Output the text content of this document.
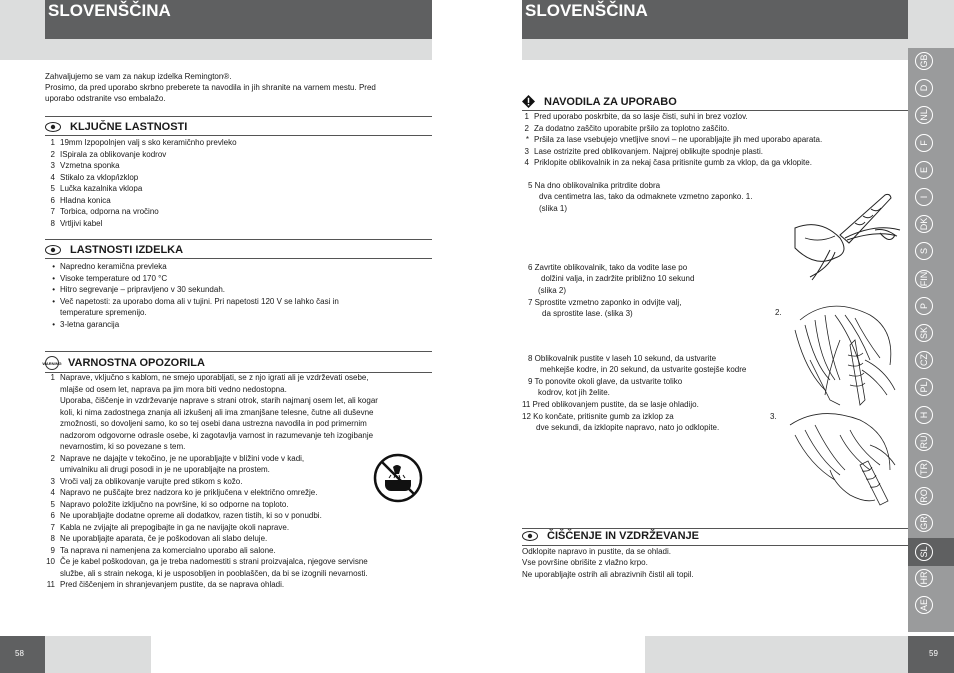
SLOVENŠČINA	SLOVENŠČINA
58	59
GB
D
NL
F
E
I
DK
S
FIN
P
SK
CZ
PL
H
RU
TR
RO
GR
SL
HR
AE
Zahvaljujemo se vam za nakup izdelka Remington®.
Prosimo, da pred uporabo skrbno preberete ta navodila in jih shranite na varnem mestu. Pred
uporabo odstranite vso embalažo.
KLJUČNE LASTNOSTI
1 19mm Izpopolnjen valj s sko keramičnho prevleko
2 ISpirala za oblikovanje kodrov
3 Vzmetna sponka
4 Stikalo za vklop/izklop
5 Lučka kazalnika vklopa
6 Hladna konica
7 Torbica, odporna na vročino
8 Vrtljivi kabel
LASTNOSTI IZDELKA
• Napredno keramična prevleka
• Visoke temperature od 170 °C
• Hitro segrevanje – pripravljeno v 30 sekundah.
• Več napetosti: za uporabo doma ali v tujini. Pri napetosti 120 V se lahko časi in
temperature spremenijo.
• 3-letna garancija
WARNING VARNOSTNA OPOZORILA
1 Naprave, vključno s kablom, ne smejo uporabljati, se z njo igrati ali je vzdrževati osebe,
mlajše od osem let, naprava pa jim mora biti vedno nedostopna.
Uporaba, čiščenje in vzdrževanje naprave s strani otrok, starih najmanj osem let, ali kogar
koli, ki nima zadostnega znanja ali izkušenj ali ima zmanjšane telesne, čutne ali duševne
zmožnosti, so dovoljeni samo, ko so tej osebi dana ustrezna navodila in pod primernim
nadzorom odgovorne odrasle osebe, ki zagotavlja varnost in razumevanje teh izogibanje
nevarnostim, ki so povezane s tem.
2 Naprave ne dajajte v tekočino, je ne uporabljajte v bližini vode v kadi,
umivalniku ali drugi posodi in je ne uporabljajte na prostem.
3 Vroči valj za oblikovanje varujte pred stikom s kožo.
4 Napravo ne puščajte brez nadzora ko je priključena v električno omrežje.
5 Napravo položite izključno na površine, ki so odporne na toploto.
6 Ne uporabljajte dodatne opreme ali dodatkov, razen tistih, ki so v ponudbi.
7 Kabla ne zvijajte ali prepogibajte in ga ne navijajte okoli naprave.
8 Ne uporabljajte aparata, če je poškodovan ali slabo deluje.
9 Ta naprava ni namenjena za komercialno uporabo ali salone.
10 Če je kabel poškodovan, ga je treba nadomestiti s strani proizvajalca, njegove servisne
službe, ali s strain nekoga, ki je usposobljen in pooblaščen, da bi se izognili nevarnosti.
11 Pred čiščenjem in shranjevanjem pustite, da se naprava ohladi.
NAVODILA ZA UPORABO
1 Pred uporabo poskrbite, da so lasje čisti, suhi in brez vozlov.
2 Za dodatno zaščito uporabite pršilo za toplotno zaščito.
* Pršila za lase vsebujejo vnetljive snovi – ne uporabljajte jih med uporabo aparata.
3 Lase ostrizite pred oblikovanjem. Najprej oblikujte spodnje plasti.
4 Priklopite oblikovalnik in za nekaj časa pritisnite gumb za vklop, da ga vklopite.
5 Na dno oblikovalnika pritrdite dobra
dva centimetra las, tako da odmaknete vzmetno zaponko. 1.
(slika 1)
6 Zavrtite oblikovalnik, tako da vodite lase po
dolžini valja, in zadržite približno 10 sekund
(slika 2)
7 Sprostite vzmetno zaponko in odvijte valj,
da sprostite lase. (slika 3)	2.
8 Oblikovalnik pustite v laseh 10 sekund, da ustvarite
mehkejše kodre, in 20 sekund, da ustvarite gostejše kodre
9 To ponovite okoli glave, da ustvarite toliko
kodrov, kot jih želite.
11 Pred oblikovanjem pustite, da se lasje ohladijo.
12 Ko končate, pritisnite gumb za izklop za
dve sekundi, da izklopite napravo, nato jo odklopite.
3.
ČIŠČENJE IN VZDRŽEVANJE
Odklopite napravo in pustite, da se ohladi.
Vse površine obrišite z vlažno krpo.
Ne uporabljajte ostrih ali abrazivnih čistil ali topil.
